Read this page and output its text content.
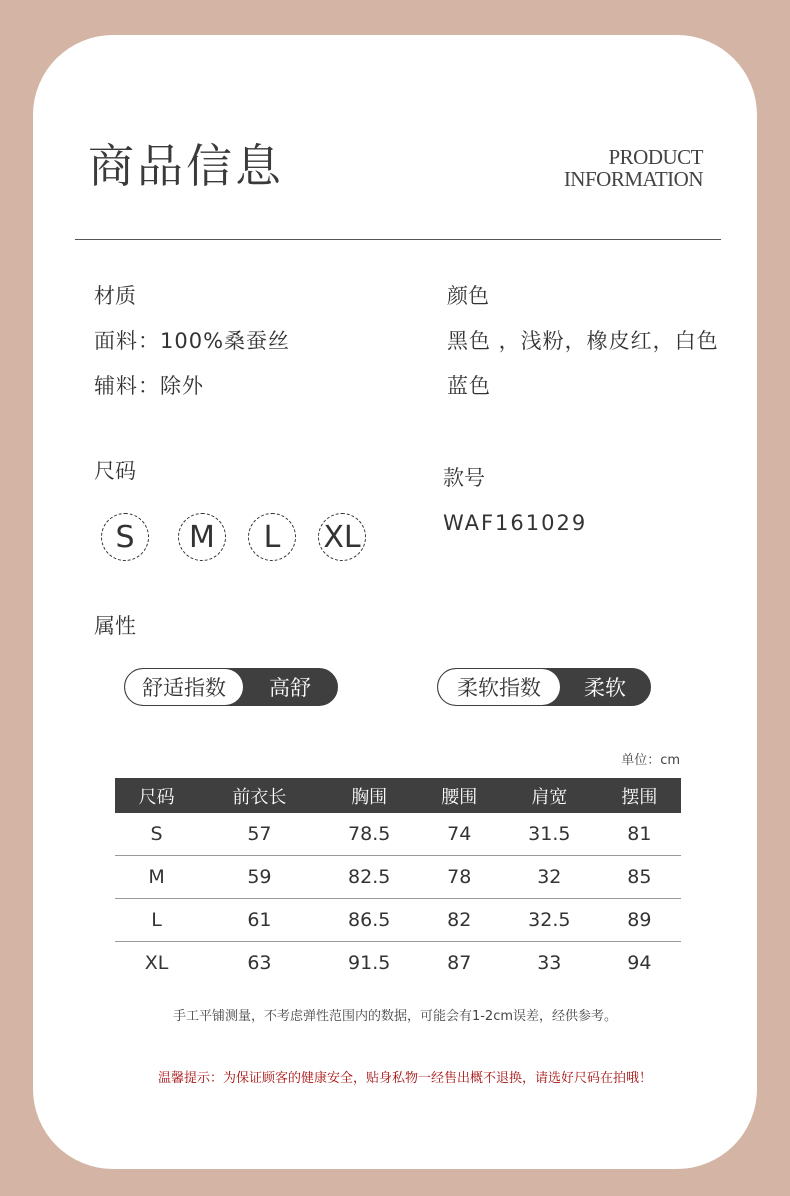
商品信息	PRODUCT
INFORMATION
材质
面料：100%桑蚕丝
辅料：除外
颜色
黑色 ，浅粉，橡皮红，白色
蓝色
尺码
S	M	L	XL
款号
WAF161029
属性
舒适指数	高舒	柔软指数	柔软
单位：cm
尺码	前衣长	胸围	腰围	肩宽	摆围
S	57	78.5	74	31.5	81
M	59	82.5	78	32	85
L	61	86.5	82	32.5	89
XL	63	91.5	87	33	94
手工平铺测量，不考虑弹性范围内的数据，可能会有1-2cm误差，经供参考。
温馨提示：为保证顾客的健康安全，贴身私物一经售出概不退换，请选好尺码在拍哦！
